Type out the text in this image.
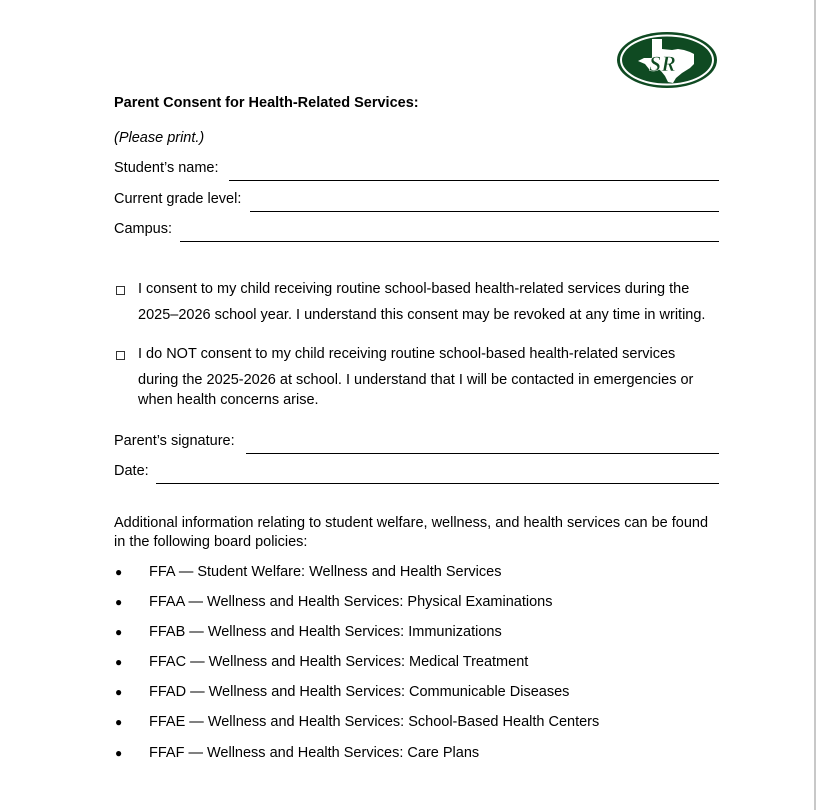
SR
Parent Consent for Health-Related Services:
(Please print.)
Student’s name:
Current grade level:
Campus:
I consent to my child receiving routine school-based health-related services during the
2025–2026 school year. I understand this consent may be revoked at any time in writing.
I do NOT consent to my child receiving routine school-based health-related services
during the 2025-2026 at school. I understand that I will be contacted in emergencies or
when health concerns arise.
Parent’s signature:
Date:
Additional information relating to student welfare, wellness, and health services can be found
in the following board policies:
●	FFA — Student Welfare: Wellness and Health Services
●	FFAA — Wellness and Health Services: Physical Examinations
●	FFAB — Wellness and Health Services: Immunizations
●	FFAC — Wellness and Health Services: Medical Treatment
●	FFAD — Wellness and Health Services: Communicable Diseases
●	FFAE — Wellness and Health Services: School-Based Health Centers
●	FFAF — Wellness and Health Services: Care Plans
